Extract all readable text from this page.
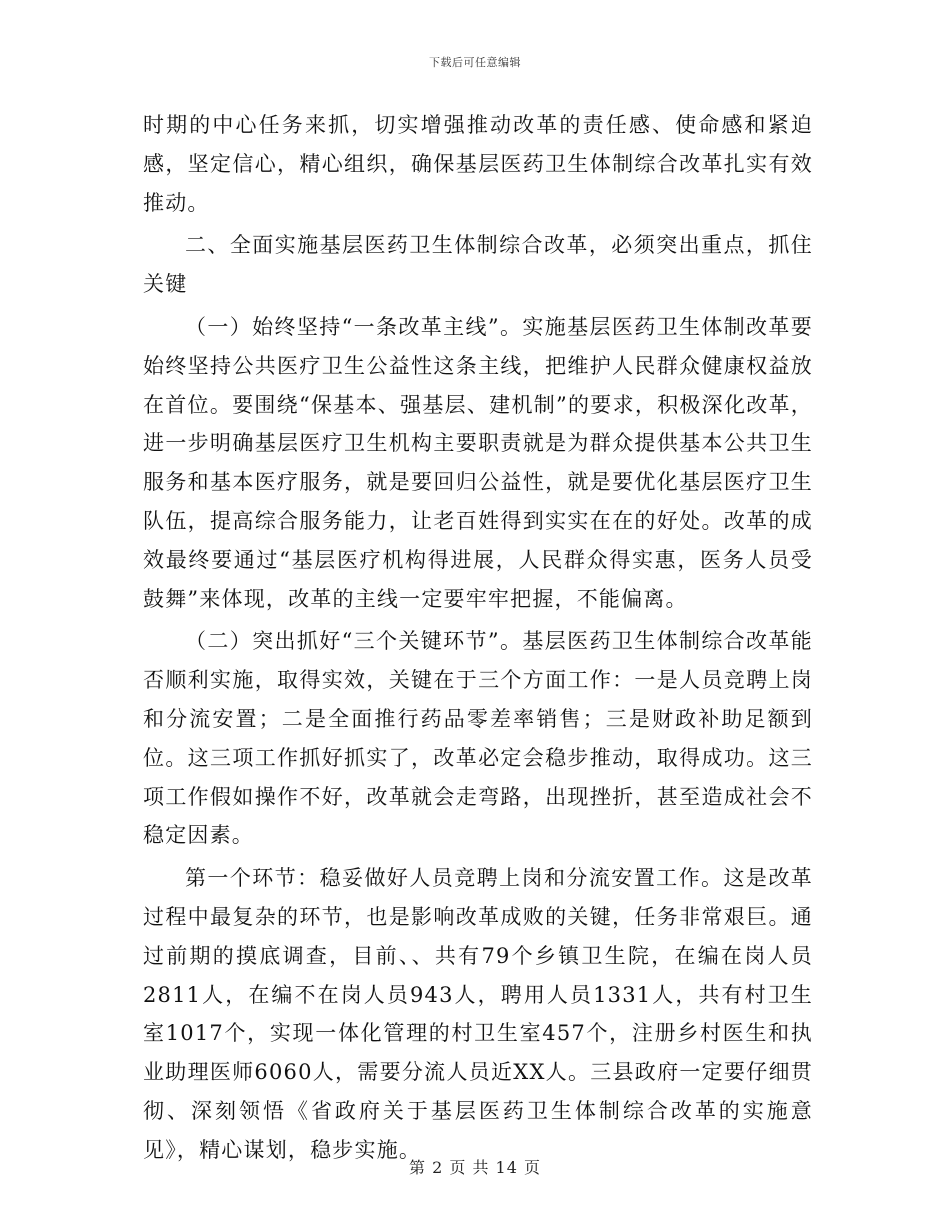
下载后可任意编辑

时期的中心任务来抓，切实增强推动改革的责任感、使命感和紧迫感，坚定信心，精心组织，确保基层医药卫生体制综合改革扎实有效推动。

二、全面实施基层医药卫生体制综合改革，必须突出重点，抓住关键

（一）始终坚持“一条改革主线”。实施基层医药卫生体制改革要始终坚持公共医疗卫生公益性这条主线，把维护人民群众健康权益放在首位。要围绕“保基本、强基层、建机制”的要求，积极深化改革，进一步明确基层医疗卫生机构主要职责就是为群众提供基本公共卫生服务和基本医疗服务，就是要回归公益性，就是要优化基层医疗卫生队伍，提高综合服务能力，让老百姓得到实实在在的好处。改革的成效最终要通过“基层医疗机构得进展，人民群众得实惠，医务人员受鼓舞”来体现，改革的主线一定要牢牢把握，不能偏离。

（二）突出抓好“三个关键环节”。基层医药卫生体制综合改革能否顺利实施，取得实效，关键在于三个方面工作：一是人员竞聘上岗和分流安置；二是全面推行药品零差率销售；三是财政补助足额到位。这三项工作抓好抓实了，改革必定会稳步推动，取得成功。这三项工作假如操作不好，改革就会走弯路，出现挫折，甚至造成社会不稳定因素。

第一个环节：稳妥做好人员竞聘上岗和分流安置工作。这是改革过程中最复杂的环节，也是影响改革成败的关键，任务非常艰巨。通过前期的摸底调查，目前、、共有79个乡镇卫生院，在编在岗人员2811人，在编不在岗人员943人，聘用人员1331人，共有村卫生室1017个，实现一体化管理的村卫生室457个，注册乡村医生和执业助理医师6060人，需要分流人员近XX人。三县政府一定要仔细贯彻、深刻领悟《省政府关于基层医药卫生体制综合改革的实施意见》，精心谋划，稳步实施。

第 2 页 共 14 页
